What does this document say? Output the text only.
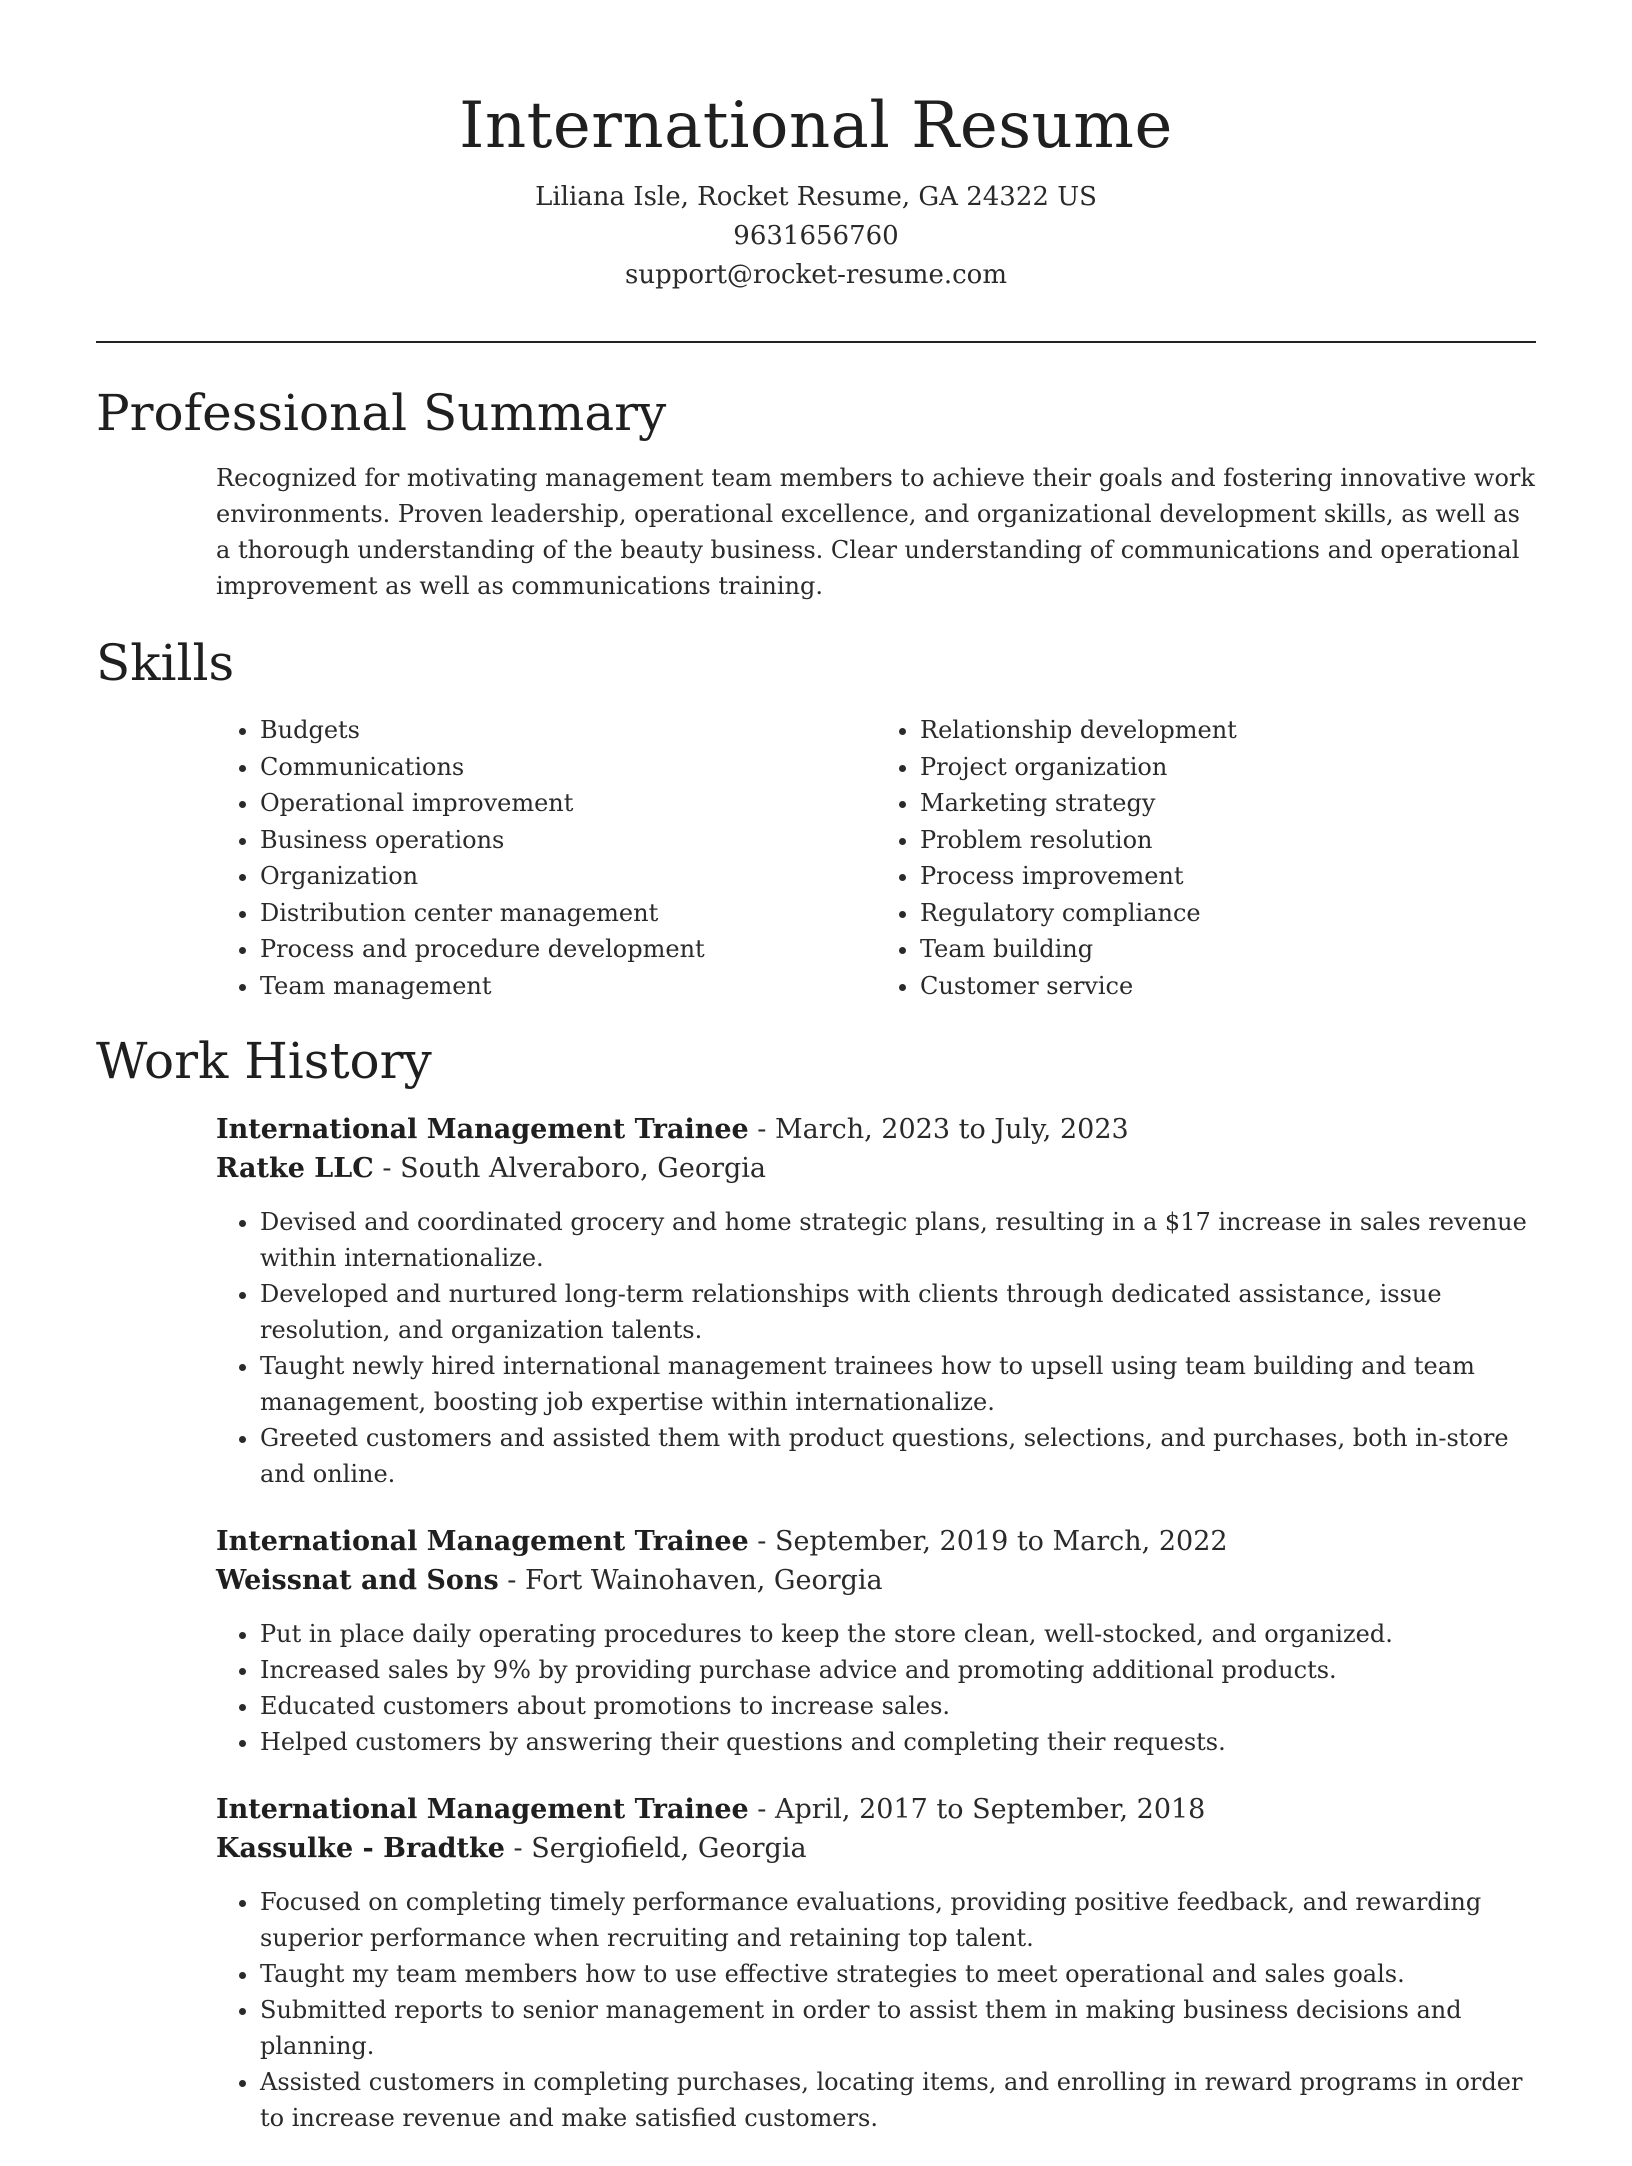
International Resume
Liliana Isle, Rocket Resume, GA 24322 US
9631656760
support@rocket-resume.com
Professional Summary

Recognized for motivating management team members to achieve their goals and fostering innovative work environments. Proven leadership, operational excellence, and organizational development skills, as well as a thorough understanding of the beauty business. Clear understanding of communications and operational improvement as well as communications training.

Skills
• Budgets
• Communications
• Operational improvement
• Business operations
• Organization
• Distribution center management
• Process and procedure development
• Team management
• Relationship development
• Project organization
• Marketing strategy
• Problem resolution
• Process improvement
• Regulatory compliance
• Team building
• Customer service
Work History
International Management Trainee - March, 2023 to July, 2023
Ratke LLC - South Alveraboro, Georgia
• Devised and coordinated grocery and home strategic plans, resulting in a $17 increase in sales revenue within internationalize.
• Developed and nurtured long-term relationships with clients through dedicated assistance, issue resolution, and organization talents.
• Taught newly hired international management trainees how to upsell using team building and team management, boosting job expertise within internationalize.
• Greeted customers and assisted them with product questions, selections, and purchases, both in-store and online.
International Management Trainee - September, 2019 to March, 2022
Weissnat and Sons - Fort Wainohaven, Georgia
• Put in place daily operating procedures to keep the store clean, well-stocked, and organized.
• Increased sales by 9% by providing purchase advice and promoting additional products.
• Educated customers about promotions to increase sales.
• Helped customers by answering their questions and completing their requests.
International Management Trainee - April, 2017 to September, 2018
Kassulke - Bradtke - Sergiofield, Georgia
• Focused on completing timely performance evaluations, providing positive feedback, and rewarding superior performance when recruiting and retaining top talent.
• Taught my team members how to use effective strategies to meet operational and sales goals.
• Submitted reports to senior management in order to assist them in making business decisions and planning.
• Assisted customers in completing purchases, locating items, and enrolling in reward programs in order to increase revenue and make satisfied customers.
